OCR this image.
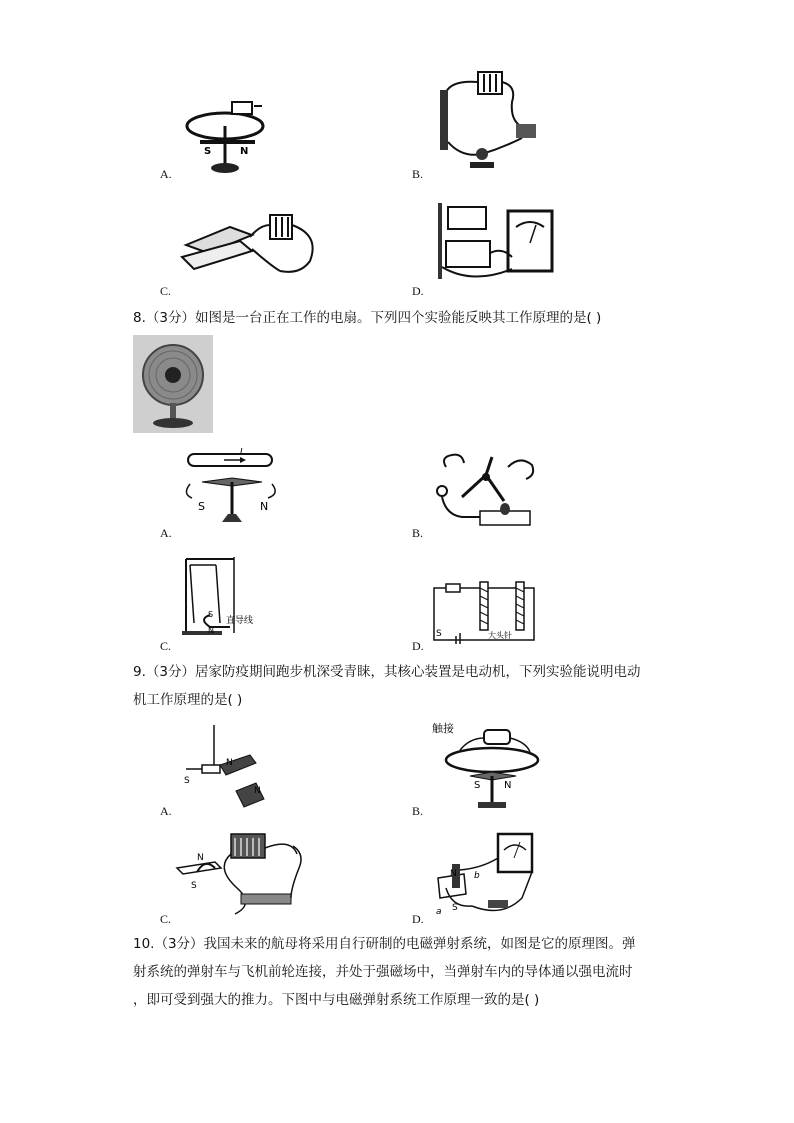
S	N
A.	B.
C.	D.
8.（3分）如图是一台正在工作的电扇。下列四个实验能反映其工作原理的是( )
I
S	N
A.	B.
S
N
直导线
C.
S	大头针
D.
9.（3分）居家防疫期间跑步机深受青睐，其核心装置是电动机，下列实验能说明电动
机工作原理的是( )
S
N
N
A.
触接
S N
B.
N
S
C.
N
S
a
b
D.
10.（3分）我国未来的航母将采用自行研制的电磁弹射系统，如图是它的原理图。弹
射系统的弹射车与飞机前轮连接，并处于强磁场中，当弹射车内的导体通以强电流时
，即可受到强大的推力。下图中与电磁弹射系统工作原理一致的是( )
